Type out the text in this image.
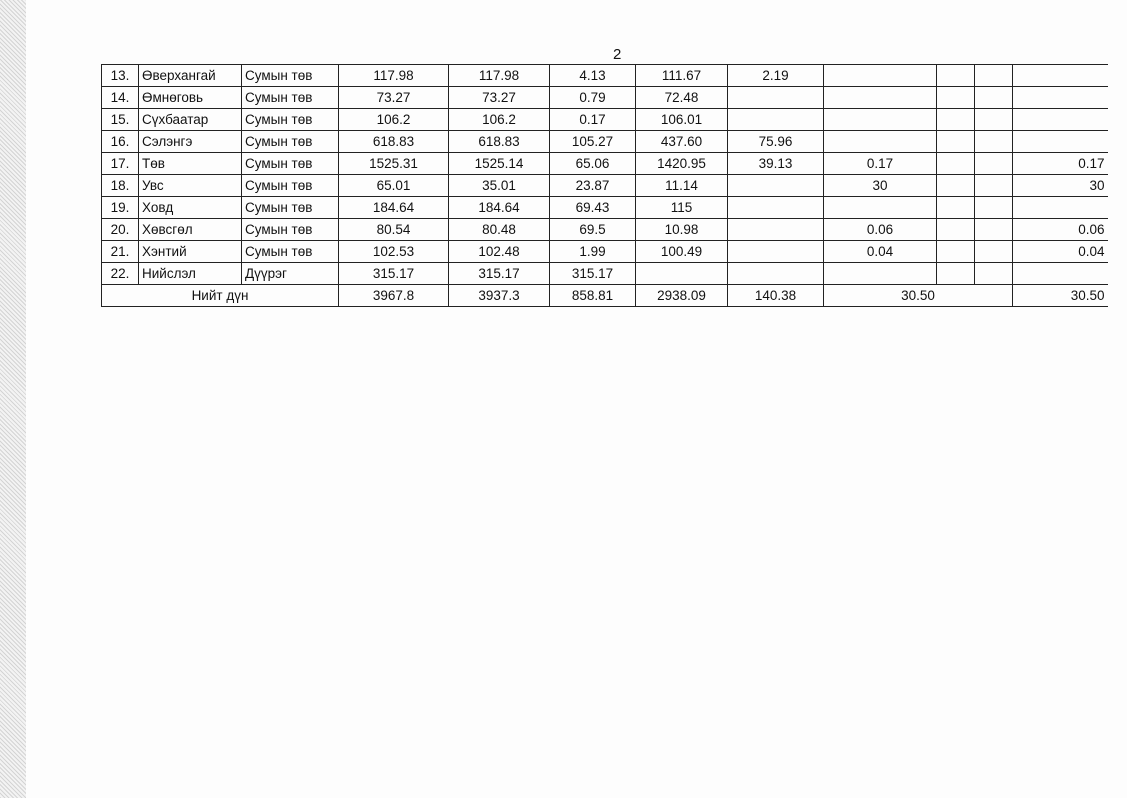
2
13.	Өверхангай	Сумын төв	117.98	117.98	4.13	111.67	2.19				
14.	Өмнөговь	Сумын төв	73.27	73.27	0.79	72.48					
15.	Сүхбаатар	Сумын төв	106.2	106.2	0.17	106.01					
16.	Сэлэнгэ	Сумын төв	618.83	618.83	105.27	437.60	75.96				
17.	Төв	Сумын төв	1525.31	1525.14	65.06	1420.95	39.13	0.17			0.17
18.	Увс	Сумын төв	65.01	35.01	23.87	11.14		30			30
19.	Ховд	Сумын төв	184.64	184.64	69.43	115					
20.	Хөвсгөл	Сумын төв	80.54	80.48	69.5	10.98		0.06			0.06
21.	Хэнтий	Сумын төв	102.53	102.48	1.99	100.49		0.04			0.04
22.	Нийслэл	Дүүрэг	315.17	315.17	315.17						
Нийт дүн			3967.8	3937.3	858.81	2938.09	140.38	30.50			30.50
